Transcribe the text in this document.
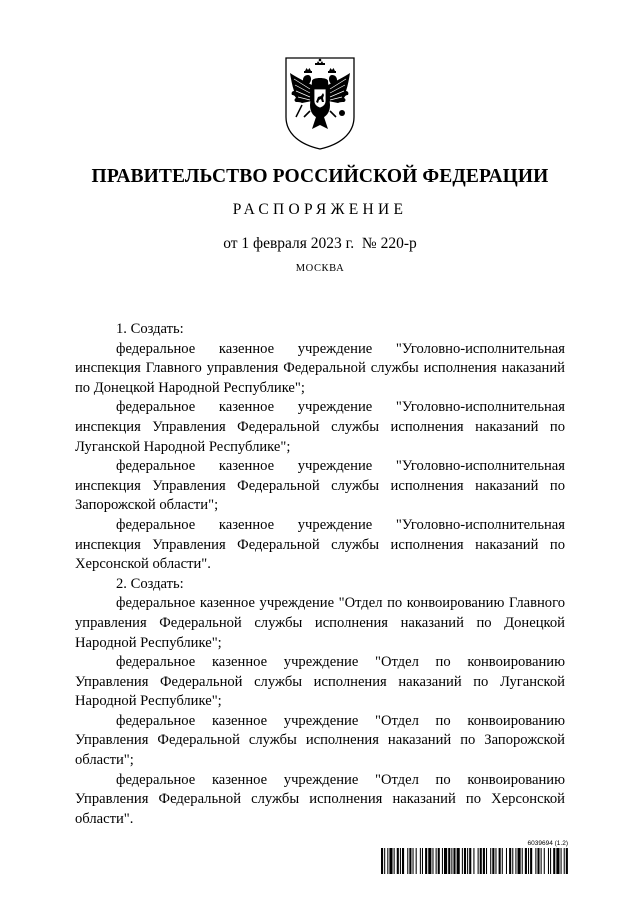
ПРАВИТЕЛЬСТВО РОССИЙСКОЙ ФЕДЕРАЦИИ
РАСПОРЯЖЕНИЕ
от 1 февраля 2023 г. № 220-р
МОСКВА

1. Создать:

федеральное казенное учреждение "Уголовно-исполнительная инспекция Главного управления Федеральной службы исполнения наказаний по Донецкой Народной Республике";

федеральное казенное учреждение "Уголовно-исполнительная инспекция Управления Федеральной службы исполнения наказаний по Луганской Народной Республике";

федеральное казенное учреждение "Уголовно-исполнительная инспекция Управления Федеральной службы исполнения наказаний по Запорожской области";

федеральное казенное учреждение "Уголовно-исполнительная инспекция Управления Федеральной службы исполнения наказаний по Херсонской области".

2. Создать:

федеральное казенное учреждение "Отдел по конвоированию Главного управления Федеральной службы исполнения наказаний по Донецкой Народной Республике";

федеральное казенное учреждение "Отдел по конвоированию Управления Федеральной службы исполнения наказаний по Луганской Народной Республике";

федеральное казенное учреждение "Отдел по конвоированию Управления Федеральной службы исполнения наказаний по Запорожской области";

федеральное казенное учреждение "Отдел по конвоированию Управления Федеральной службы исполнения наказаний по Херсонской области".

6039694 (1.2)
